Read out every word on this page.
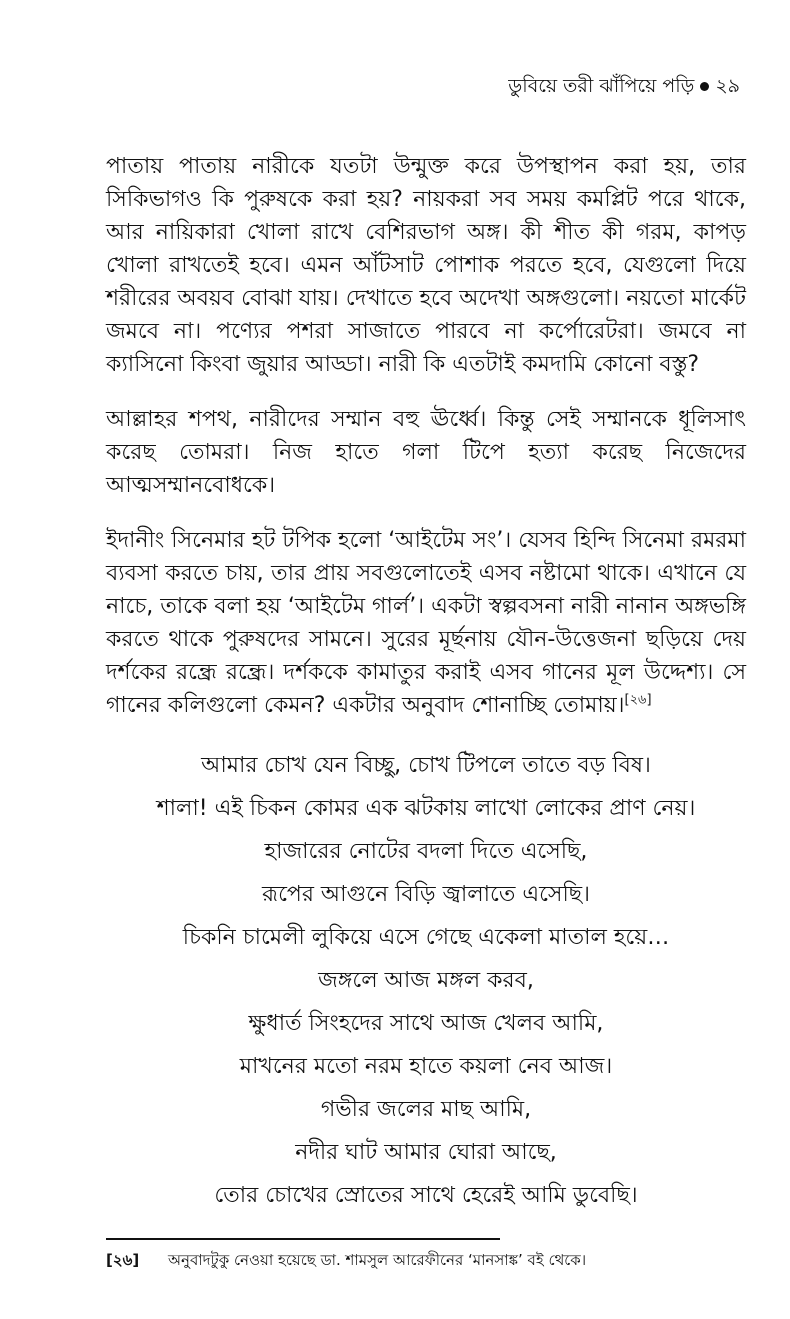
ডুবিয়ে তরী ঝাঁপিয়ে পড়ি ২৯

পাতায় পাতায় নারীকে যতটা উন্মুক্ত করে উপস্থাপন করা হয়, তার সিকিভাগও কি পুরুষকে করা হয়? নায়করা সব সময় কমপ্লিট পরে থাকে, আর নায়িকারা খোলা রাখে বেশিরভাগ অঙ্গ। কী শীত কী গরম, কাপড় খোলা রাখতেই হবে। এমন আঁটসাট পোশাক পরতে হবে, যেগুলো দিয়ে শরীরের অবয়ব বোঝা যায়। দেখাতে হবে অদেখা অঙ্গগুলো। নয়তো মার্কেট জমবে না। পণ্যের পশরা সাজাতে পারবে না কর্পোরেটরা। জমবে না ক্যাসিনো কিংবা জুয়ার আড্ডা। নারী কি এতটাই কমদামি কোনো বস্তু?

আল্লাহর শপথ, নারীদের সম্মান বহু ঊর্ধ্বে। কিন্তু সেই সম্মানকে ধূলিসাৎ করেছ তোমরা। নিজ হাতে গলা টিপে হত্যা করেছ নিজেদের আত্মসম্মানবোধকে।

ইদানীং সিনেমার হট টপিক হলো ‘আইটেম সং’। যেসব হিন্দি সিনেমা রমরমা ব্যবসা করতে চায়, তার প্রায় সবগুলোতেই এসব নষ্টামো থাকে। এখানে যে নাচে, তাকে বলা হয় ‘আইটেম গার্ল’। একটা স্বল্পবসনা নারী নানান অঙ্গভঙ্গি করতে থাকে পুরুষদের সামনে। সুরের মূর্ছনায় যৌন-উত্তেজনা ছড়িয়ে দেয় দর্শকের রন্ধ্রে রন্ধ্রে। দর্শককে কামাতুর করাই এসব গানের মূল উদ্দেশ্য। সে গানের কলিগুলো কেমন? একটার অনুবাদ শোনাচ্ছি তোমায়।[২৬]

আমার চোখ যেন বিচ্ছু, চোখ টিপলে তাতে বড় বিষ।
শালা! এই চিকন কোমর এক ঝটকায় লাখো লোকের প্রাণ নেয়।
হাজারের নোটের বদলা দিতে এসেছি,
রূপের আগুনে বিড়ি জ্বালাতে এসেছি।
চিকনি চামেলী লুকিয়ে এসে গেছে একেলা মাতাল হয়ে…
জঙ্গলে আজ মঙ্গল করব,
ক্ষুধার্ত সিংহদের সাথে আজ খেলব আমি,
মাখনের মতো নরম হাতে কয়লা নেব আজ।
গভীর জলের মাছ আমি,
নদীর ঘাট আমার ঘোরা আছে,
তোর চোখের স্রোতের সাথে হেরেই আমি ডুবেছি।
[২৬] অনুবাদটুকু নেওয়া হয়েছে ডা. শামসুল আরেফীনের ‘মানসাঙ্ক’ বই থেকে।
